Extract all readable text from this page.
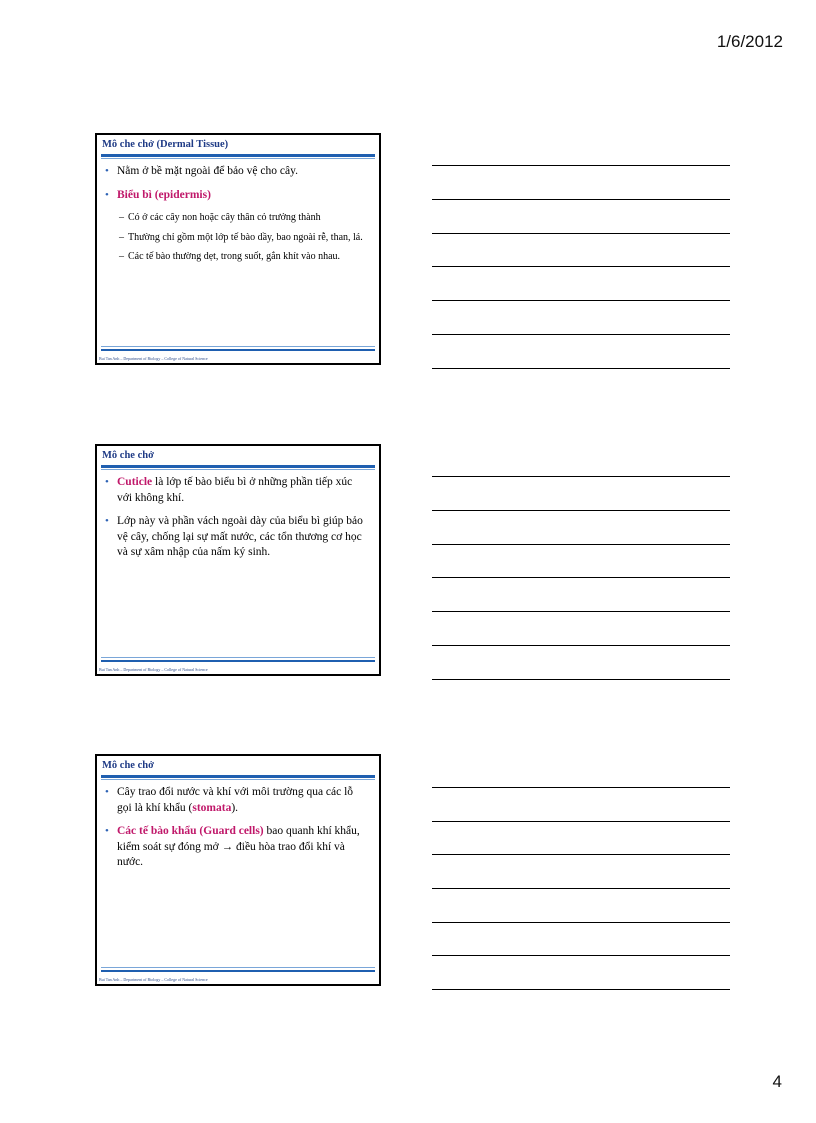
1/6/2012
Mô che chở (Dermal Tissue)
• Nằm ở bề mặt ngoài để bảo vệ cho cây.
• Biểu bì (epidermis)
– Có ở các cây non hoặc cây thân cỏ trưởng thành
– Thường chỉ gồm một lớp tế bào dầy, bao ngoài rễ, than, lá.
– Các tế bào thường dẹt, trong suốt, gắn khít vào nhau.
Bui Tan Anh – Department of Biology – College of Natural Science
Mô che chở
• Cuticle là lớp tế bào biểu bì ở những phần tiếp xúc với không khí.
• Lớp này và phần vách ngoài dày của biểu bì giúp bảo vệ cây, chống lại sự mất nước, các tổn thương cơ học và sự xâm nhập của nấm ký sinh.
Bui Tan Anh – Department of Biology – College of Natural Science
Mô che chở
• Cây trao đổi nước và khí với môi trường qua các lỗ gọi là khí khẩu (stomata).
• Các tế bào khẩu (Guard cells) bao quanh khí khẩu, kiểm soát sự đóng mở → điều hòa trao đổi khí và nước.
Bui Tan Anh – Department of Biology – College of Natural Science
4
